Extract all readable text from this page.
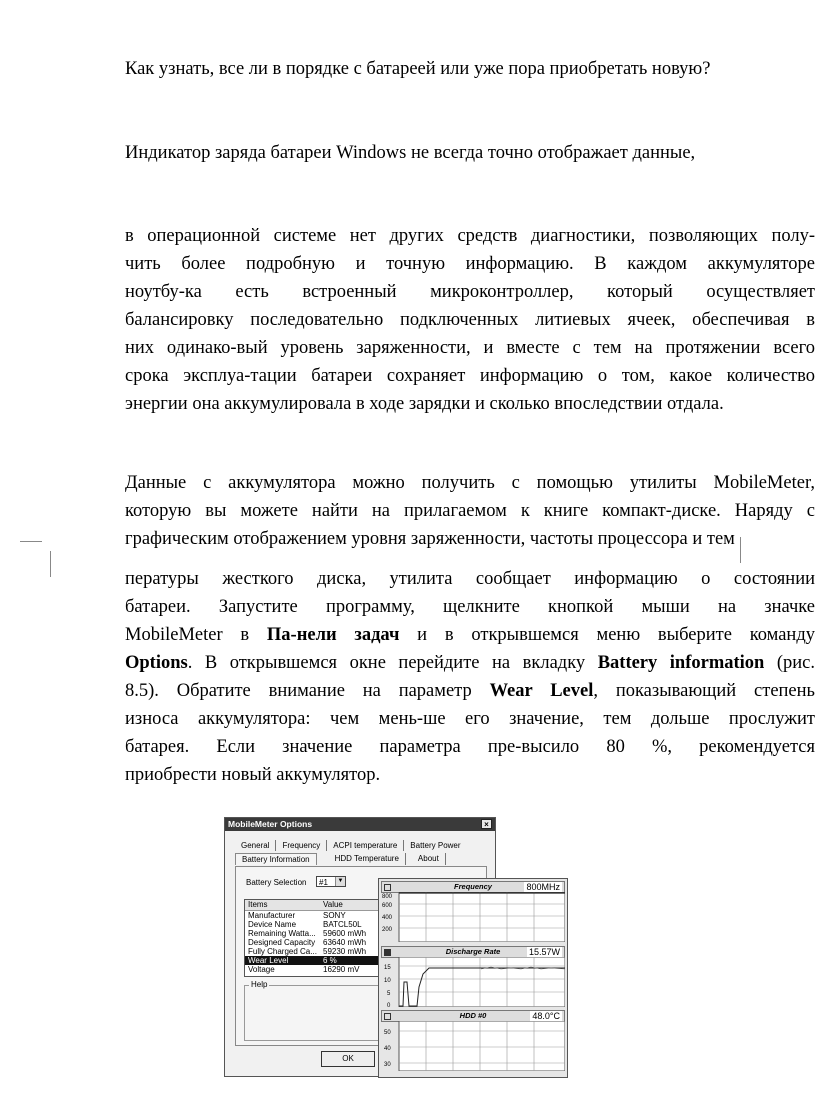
Как узнать, все ли в порядке с батареей или уже пора приобретать новую?
Индикатор заряда батареи Windows не всегда точно отображает данные,
в операционной системе нет других средств диагностики, позволяющих полу-
чить более подробную и точную информацию. В каждом аккумуляторе
ноутбу-ка есть встроенный микроконтроллер, который осуществляет
балансировку последовательно подключенных литиевых ячеек, обеспечивая в
них одинако-вый уровень заряженности, и вместе с тем на протяжении всего
срока эксплуа-тации батареи сохраняет информацию о том, какое количество
энергии она аккумулировала в ходе зарядки и сколько впоследствии отдала.
Данные с аккумулятора можно получить с помощью утилиты MobileMeter,
которую вы можете найти на прилагаемом к книге компакт-диске. Наряду с
графическим отображением уровня заряженности, частоты процессора и тем
пературы жесткого диска, утилита сообщает информацию о состоянии
батареи. Запустите программу, щелкните кнопкой мыши на значке
MobileMeter в Па-нели задач и в открывшемся меню выберите команду
Options. В открывшемся окне перейдите на вкладку Battery information (рис.
8.5). Обратите внимание на параметр Wear Level, показывающий степень
износа аккумулятора: чем мень-ше его значение, тем дольше прослужит
батарея. Если значение параметра пре-высило 80 %, рекомендуется
приобрести новый аккумулятор.
MobileMeter Options	×
General	Frequency	ACPI temperature	Battery Power
Battery Information	HDD Temperature	About
Battery Selection	#1	▼
Items	Value
Manufacturer	SONY
Device Name	BATCL50L
Remaining Watta... 59600 mWh
Designed Capacity 63640 mWh
Fully Charged Ca... 59230 mWh
Wear Level	6 %
Voltage	16290 mV
Help
OK
Frequency	800MHz
800
600
400
200
Discharge Rate	15.57W
15
10
5
0
HDD #0	48.0°C
50
40
30
